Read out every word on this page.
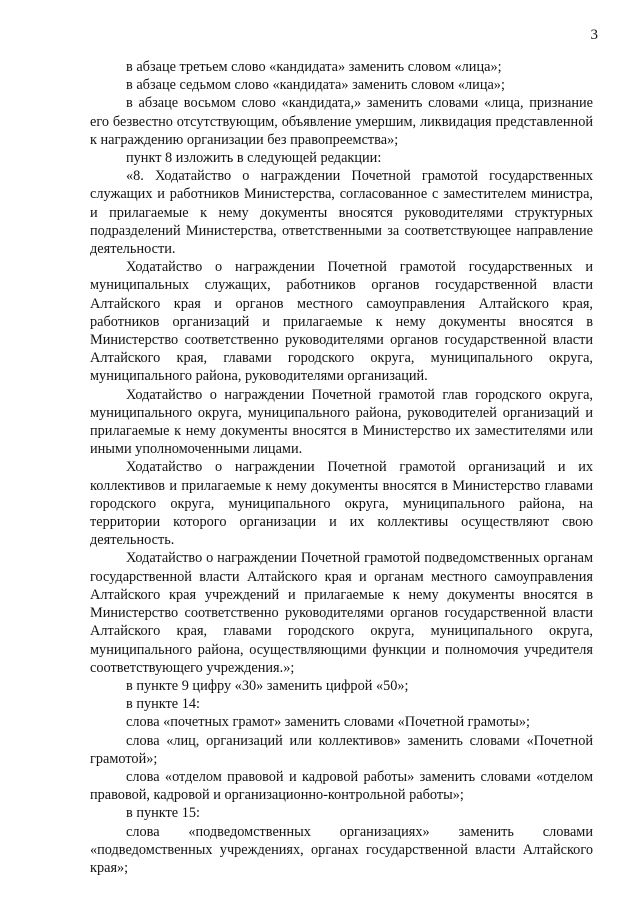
3

в абзаце третьем слово «кандидата» заменить словом «лица»;

в абзаце седьмом слово «кандидата» заменить словом «лица»;

в абзаце восьмом слово «кандидата,» заменить словами «лица, признание его безвестно отсутствующим, объявление умершим, ликвидация представленной к награждению организации без правопреемства»;

пункт 8 изложить в следующей редакции:

«8. Ходатайство о награждении Почетной грамотой государственных служащих и работников Министерства, согласованное с заместителем министра, и прилагаемые к нему документы вносятся руководителями структурных подразделений Министерства, ответственными за соответствующее направление деятельности.

Ходатайство о награждении Почетной грамотой государственных и муниципальных служащих, работников органов государственной власти Алтайского края и органов местного самоуправления Алтайского края, работников организаций и прилагаемые к нему документы вносятся в Министерство соответственно руководителями органов государственной власти Алтайского края, главами городского округа, муниципального округа, муниципального района, руководителями организаций.

Ходатайство о награждении Почетной грамотой глав городского округа, муниципального округа, муниципального района, руководителей организаций и прилагаемые к нему документы вносятся в Министерство их заместителями или иными уполномоченными лицами.

Ходатайство о награждении Почетной грамотой организаций и их коллективов и прилагаемые к нему документы вносятся в Министерство главами городского округа, муниципального округа, муниципального района, на территории которого организации и их коллективы осуществляют свою деятельность.

Ходатайство о награждении Почетной грамотой подведомственных органам государственной власти Алтайского края и органам местного самоуправления Алтайского края учреждений и прилагаемые к нему документы вносятся в Министерство соответственно руководителями органов государственной власти Алтайского края, главами городского округа, муниципального округа, муниципального района, осуществляющими функции и полномочия учредителя соответствующего учреждения.»;

в пункте 9 цифру «30» заменить цифрой «50»;

в пункте 14:

слова «почетных грамот» заменить словами «Почетной грамоты»;

слова «лиц, организаций или коллективов» заменить словами «Почетной грамотой»;

слова «отделом правовой и кадровой работы» заменить словами «отделом правовой, кадровой и организационно-контрольной работы»;

в пункте 15:

слова «подведомственных организациях» заменить словами «подведомственных учреждениях, органах государственной власти Алтайского края»;
